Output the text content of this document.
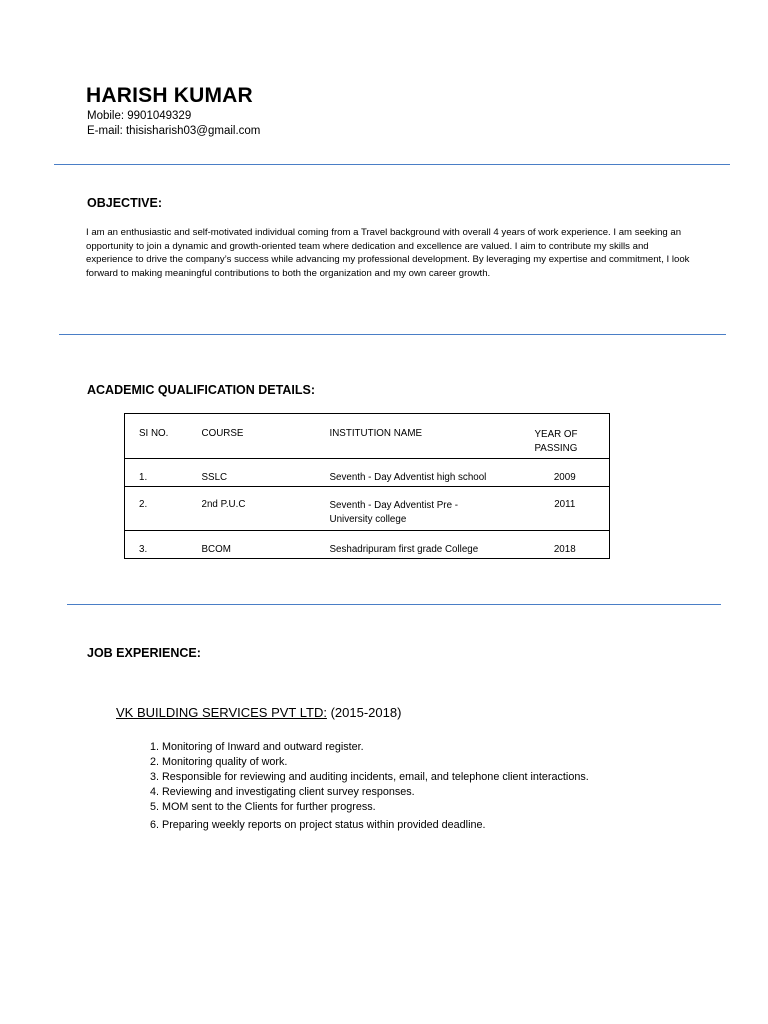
HARISH KUMAR
Mobile: 9901049329
E-mail: thisisharish03@gmail.com
OBJECTIVE:
I am an enthusiastic and self-motivated individual coming from a Travel background with overall 4 years of work experience. I am seeking an opportunity to join a dynamic and growth-oriented team where dedication and excellence are valued. I aim to contribute my skills and experience to drive the company’s success while advancing my professional development. By leveraging my expertise and commitment, I look forward to making meaningful contributions to both the organization and my own career growth.
ACADEMIC QUALIFICATION DETAILS:
SI NO.	COURSE	INSTITUTION NAME	YEAR OF PASSING
1.	SSLC	Seventh - Day Adventist high school	2009
2.	2nd P.U.C	Seventh - Day Adventist Pre - University college	2011
3.	BCOM	Seshadripuram first grade College	2018
JOB EXPERIENCE:
VK BUILDING SERVICES PVT LTD: (2015-2018)
1. Monitoring of Inward and outward register.
2. Monitoring quality of work.
3. Responsible for reviewing and auditing incidents, email, and telephone client interactions.
4. Reviewing and investigating client survey responses.
5. MOM sent to the Clients for further progress.
6. Preparing weekly reports on project status within provided deadline.
